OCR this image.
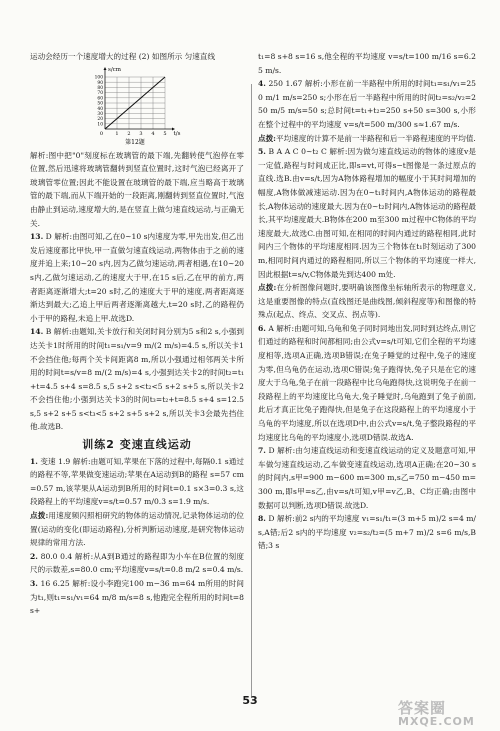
运动会经历一个速度增大的过程 (2) 如图所示 匀速直线

1 2 3 4 5
10
20
30
40
50
60
70
80
90
100
0
s/cm
t/s
第12题

解析:图中把"0"刻度标在玻璃管的最下端,先翻转使气泡停在零位置,然后迅速将玻璃管翻转到竖直位置时,这时气泡已经离开了玻璃管零位置;因此不能设置在玻璃管的最下端,应当略高于玻璃管的最下端,而从下端开始的一段距离,刚翻转到竖直位置时,气泡由静止到运动,速度增大的,是在竖直上做匀速直线运动,与正确无关.

13. D 解析:由图可知,乙在0~10 s内速度为零,甲先出发,但乙出发后速度都比甲快,甲一直做匀速直线运动,两物体由于之前的速度并追上来;10~20 s内,因为乙做匀速运动,两者相遇,在10~20 s内,乙做匀速运动,乙的速度大于甲,在15 s后,乙在甲的前方,两者距离逐渐增大;t=20 s时,乙的速度大于甲的速度,两者距离逐渐达到最大;乙追上甲后两者逐渐离越大,t=20 s时,乙的路程仍小于甲的路程,未追上甲.故选D.

14. B 解析:由题知,关卡放行和关闭时间分别为5 s和2 s,小强到达关卡1时所用的时间t₁=s₁/v=9 m/(2 m/s)=4.5 s,所以关卡1不会挡住他;每两个关卡间距离8 m,所以小强通过相邻两关卡所用的时间t=s/v=8 m/(2 m/s)=4 s,小强到达关卡2的时间t₂=t₁+t=4.5 s+4 s=8.5 s,5 s+2 s<t₂<5 s+2 s+5 s,所以关卡2不会挡住他;小强到达关卡3的时间t₃=t₂+t=8.5 s+4 s=12.5 s,5 s+2 s+5 s<t₃<5 s+2 s+5 s+2 s,所以关卡3会最先挡住他.故选B.

训练2 变速直线运动

1. 变速 1.9 解析:由题可知,苹果在下落的过程中,每隔0.1 s通过的路程不等,苹果做变速运动;苹果在A运动到B的路程 s=57 cm=0.57 m,该苹果从A运动到B所用的时间t=0.1 s×3=0.3 s,这段路程上的平均速度v=s/t=0.57 m/0.3 s=1.9 m/s.

点拨:用速度频闪照相研究的物体的运动情况,记录物体运动的位置(运动的变化(即运动路程),分析判断运动速度,是研究物体运动规律的常用方法.

2. 80.0 0.4 解析:从A到B通过的路程即为小车在B位置的刻度尺的示数差,s=80.0 cm;平均速度v=s/t=0.8 m/2 s=0.4 m/s.

3. 16 6.25 解析:设小李跑完100 m−36 m=64 m所用的时间为t₁,则t₁=s₁/v₁=64 m/8 m/s=8 s,他跑完全程所用的时间t=8 s+

t₁=8 s+8 s=16 s,他全程的平均速度 v=s/t=100 m/16 s=6.25 m/s.

4. 250 1.67 解析:小形在前一半路程中所用的时间t₁=s₁/v₁=250 m/1 m/s=250 s;小形在后一半路程中所用的时间t₂=s₂/v₂=250 m/5 m/s=50 s;总时间t=t₁+t₂=250 s+50 s=300 s,小形在整个过程中的平均速度 v=s/t=500 m/300 s≈1.67 m/s.

点拨:平均速度的计算不是前一半路程和后一半路程速度的平均值.

5. B A A C 0~t₂ C 解析:因为做匀速直线运动的物体的速度v是一定值,路程与时间成正比,即s=vt,可得s−t图像是一条过原点的直线.选B.由v=s/t,因为A物体路程增加的幅度小于其时间增加的幅度,A物体做减速运动.因为在0~t₁时间内,A物体运动的路程最长,A物体运动的速度最大.因为在0~t₂时间内,A物体运动的路程最长,其平均速度最大.B物体在200 m至300 m过程中C物体的平均速度最大,故选C.由图可知,在相同的时间内通过的路程相同,此时间内三个物体的平均速度相同.因为三个物体在t₁时刻运动了300 m,相同时间内通过的路程相同,所以三个物体的平均速度一样大,因此根据t=s/v,C物体最先到达400 m处.

点拨:在分析图像问题时,要明确该图像坐标轴所表示的物理意义,这是重要图像的特点(直线图还是曲线图,倾斜程度等)和图像的特殊点(起点、终点、交叉点、拐点等).

6. A 解析:由题可知,乌龟和兔子同时同地出发,同时到达终点,则它们通过的路程和时间都相同;由公式v=s/t可知,它们全程的平均速度相等,选项A正确,选项B错误;在兔子睡觉的过程中,兔子的速度为零,但乌龟仍在运动,选项C错误;兔子跑得快,兔子只是在它的速度大于乌龟,兔子在前一段路程中比乌龟跑得快,这说明兔子在前一段路程上的平均速度比乌龟大,兔子睡觉时,乌龟跑到了兔子前面,此后才真正比兔子跑得快,但是兔子在这段路程上的平均速度小于乌龟的平均速度,所以在选项D中,由公式v=s/t,兔子整段路程的平均速度比乌龟的平均速度小,选项D错误.故选A.

7. D 解析:由匀速直线运动和变速直线运动的定义及题意可知,甲车做匀速直线运动,乙车做变速直线运动,选项A正确;在20~30 s的时间内,s甲=900 m−600 m=300 m,s乙=750 m−450 m=300 m,即s甲=s乙,由v=s/t可知,v甲=v乙,B、C均正确;由图中数据可以判断,选项D错误.故选D.

8. D 解析:前2 s内的平均速度 v₁=s₁/t₁=(3 m+5 m)/2 s=4 m/s,A错;后2 s内的平均速度 v₂=s₂/t₂=(5 m+7 m)/2 s=6 m/s,B错;3 s

53	答案圈
MXQE.COM
